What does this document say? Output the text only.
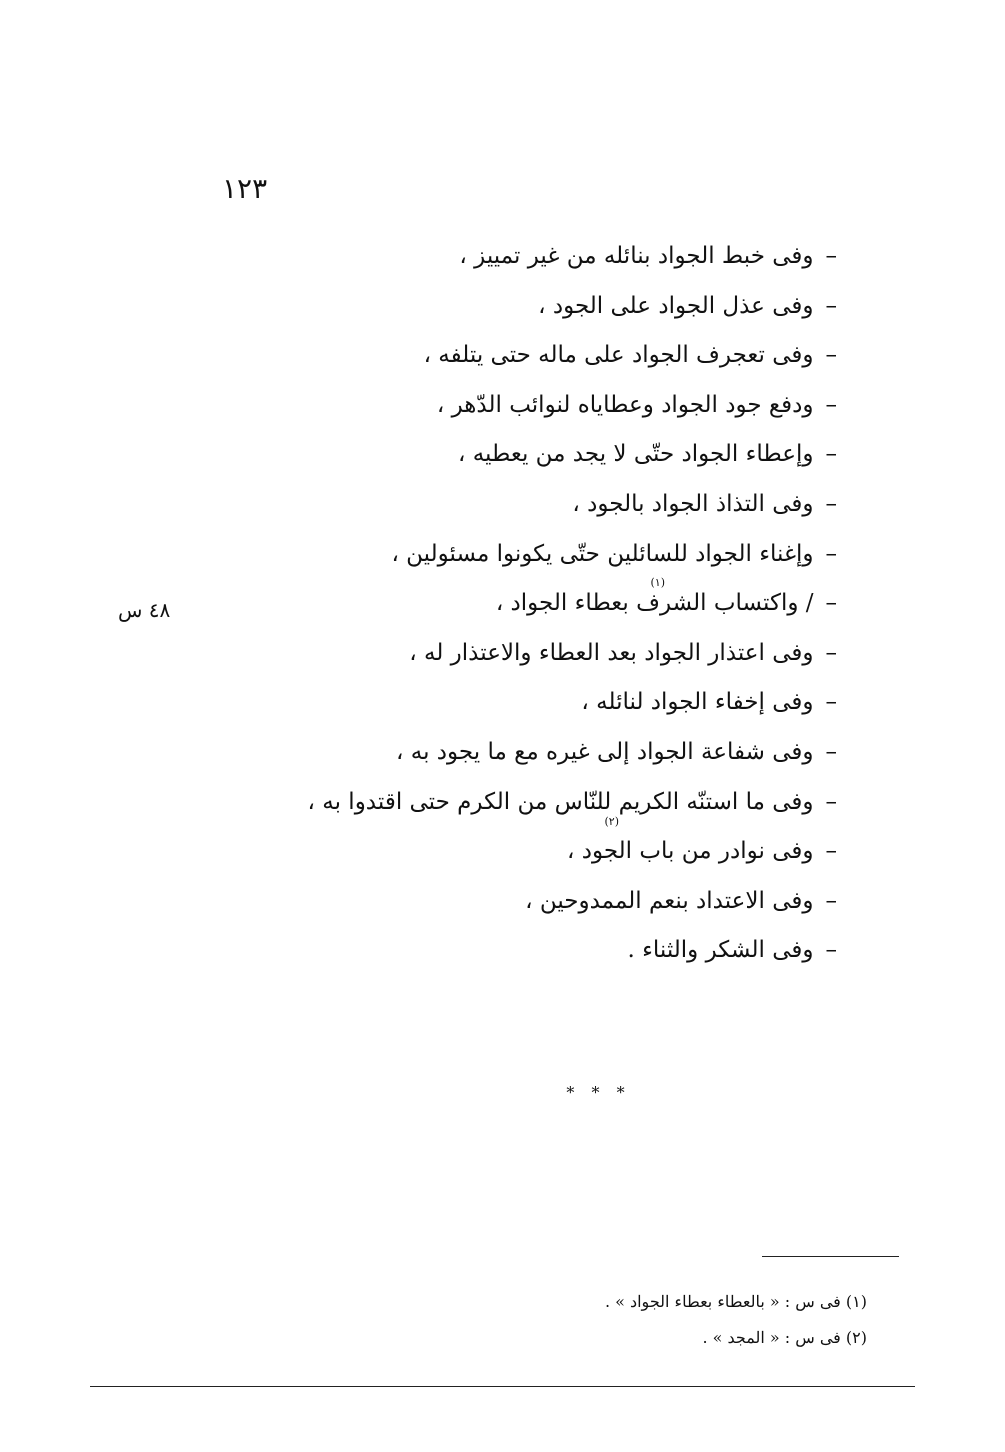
١٢٣
٤٨ س
–وفى خبط الجواد بنائله من غير تمييز ،
–وفى عذل الجواد على الجود ،
–وفى تعجرف الجواد على ماله حتى يتلفه ،
–ودفع جود الجواد وعطاياه لنوائب الدّهر ،
–وإعطاء الجواد حتّى لا يجد من يعطيه ،
–وفى التذاذ الجواد بالجود ،
–وإغناء الجواد للسائلين حتّى يكونوا مسئولين ،
(١)
–/ واكتساب الشرف بعطاء الجواد ،
–وفى اعتذار الجواد بعد العطاء والاعتذار له ،
–وفى إخفاء الجواد لنائله ،
–وفى شفاعة الجواد إلى غيره مع ما يجود به ،
(٢)
–وفى ما استنّه الكريم للنّاس من الكرم حتى اقتدوا به ،
–وفى نوادر من باب الجود ،
–وفى الاعتداد بنعم الممدوحين ،
–وفى الشكر والثناء .
* * *
(١) فى س : « بالعطاء بعطاء الجواد » .
(٢) فى س : « المجد » .
